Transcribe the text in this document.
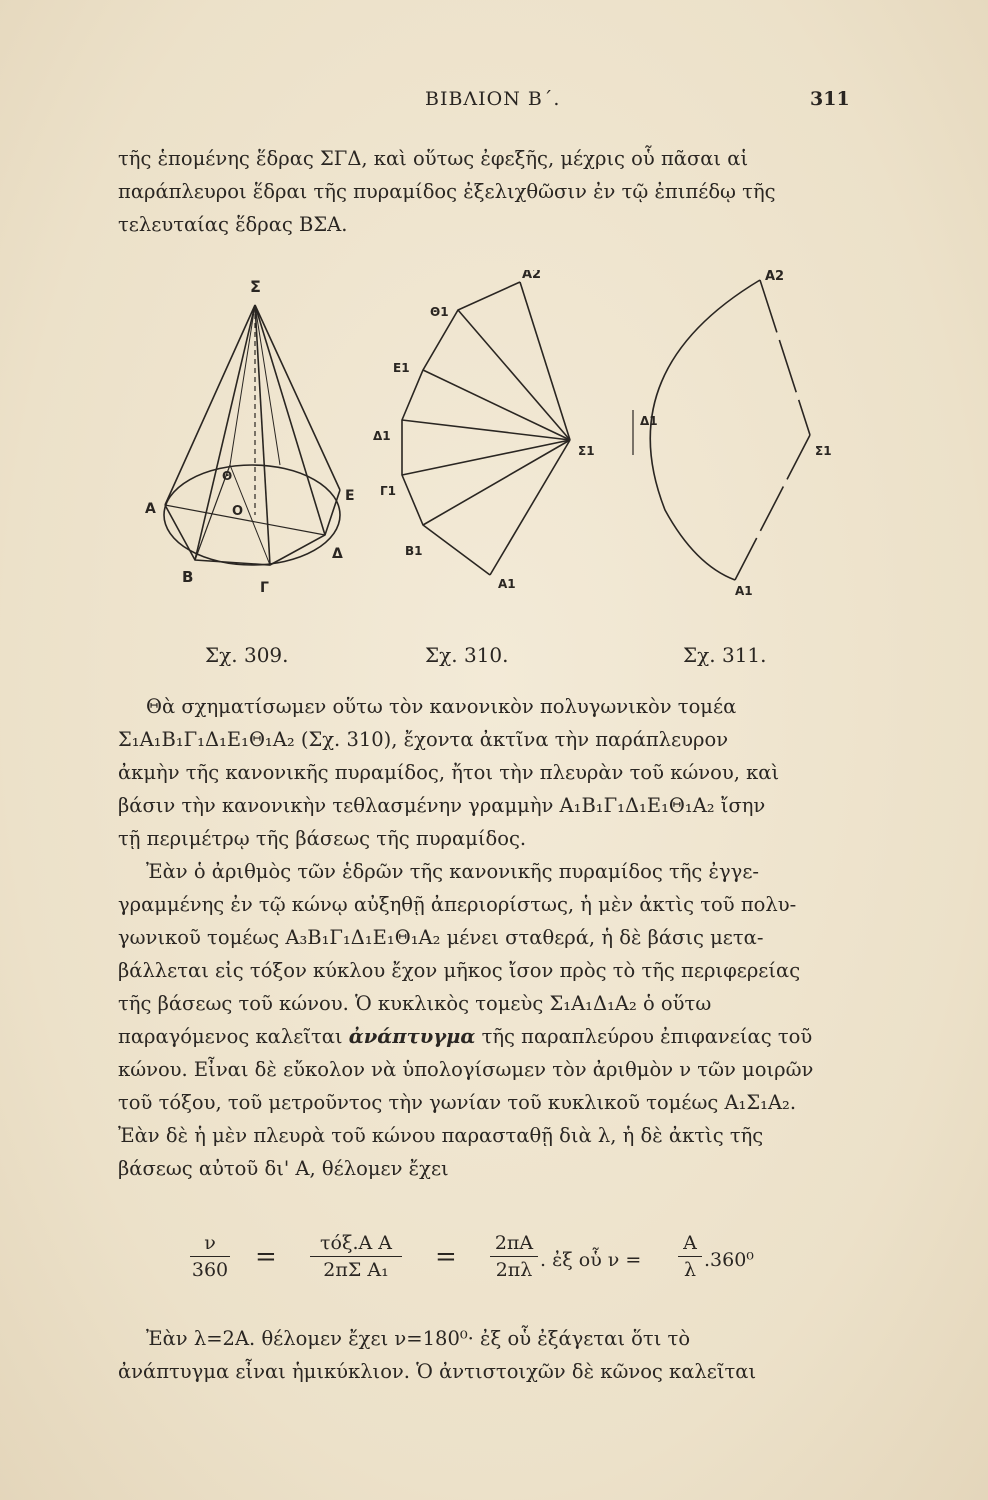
ΒΙΒΛΙΟΝ Β΄.	311
τῆς ἑπομένης ἕδρας ΣΓΔ, καὶ οὕτως ἐφεξῆς, μέχρις οὗ πᾶσαι αἱ
παράπλευροι ἕδραι τῆς πυραμίδος ἐξελιχθῶσιν ἐν τῷ ἐπιπέδῳ τῆς
τελευταίας ἕδρας ΒΣΑ.
Σ
Θ
O
A
E
Δ
B
Γ
A2
Θ1
E1
Δ1
Γ1
B1
A1
Σ1
A2
Δ1
Σ1
A1
Σχ. 309.	Σχ. 310.	Σχ. 311.
Θὰ σχηματίσωμεν οὕτω τὸν κανονικὸν πολυγωνικὸν τομέα
Σ₁Α₁Β₁Γ₁Δ₁Ε₁Θ₁Α₂ (Σχ. 310), ἔχοντα ἀκτῖνα τὴν παράπλευρον
ἀκμὴν τῆς κανονικῆς πυραμίδος, ἤτοι τὴν πλευρὰν τοῦ κώνου, καὶ
βάσιν τὴν κανονικὴν τεθλασμένην γραμμὴν Α₁Β₁Γ₁Δ₁Ε₁Θ₁Α₂ ἴσην
τῇ περιμέτρῳ τῆς βάσεως τῆς πυραμίδος.
Ἐὰν ὁ ἀριθμὸς τῶν ἑδρῶν τῆς κανονικῆς πυραμίδος τῆς ἐγγε-
γραμμένης ἐν τῷ κώνῳ αὐξηθῇ ἀπεριορίστως, ἡ μὲν ἀκτὶς τοῦ πολυ-
γωνικοῦ τομέως Α₃Β₁Γ₁Δ₁Ε₁Θ₁Α₂ μένει σταθερά, ἡ δὲ βάσις μετα-
βάλλεται εἰς τόξον κύκλου ἔχον μῆκος ἴσον πρὸς τὸ τῆς περιφερείας
τῆς βάσεως τοῦ κώνου. Ὁ κυκλικὸς τομεὺς Σ₁Α₁Δ₁Α₂ ὁ οὕτω
παραγόμενος καλεῖται ἀνάπτυγμα τῆς παραπλεύρου ἐπιφανείας τοῦ
κώνου. Εἶναι δὲ εὔκολον νὰ ὑπολογίσωμεν τὸν ἀριθμὸν ν τῶν μοιρῶν
τοῦ τόξου, τοῦ μετροῦντος τὴν γωνίαν τοῦ κυκλικοῦ τομέως Α₁Σ₁Α₂.
Ἐὰν δὲ ἡ μὲν πλευρὰ τοῦ κώνου παρασταθῇ διὰ λ, ἡ δὲ ἀκτὶς τῆς
βάσεως αὐτοῦ δι' Α, θέλομεν ἔχει
$\frac{\nu}{360}$ =	τόξ.Α Α
2πΣ Α₁	= $\frac{2\pi A}{2\pi\lambda}$ . ἐξ οὗ $\nu = \frac{A}{\lambda} .360^0$
Ἐὰν λ=2Α. θέλομεν ἔχει ν=180⁰· ἐξ οὗ ἐξάγεται ὅτι τὸ
ἀνάπτυγμα εἶναι ἡμικύκλιον. Ὁ ἀντιστοιχῶν δὲ κῶνος καλεῖται
